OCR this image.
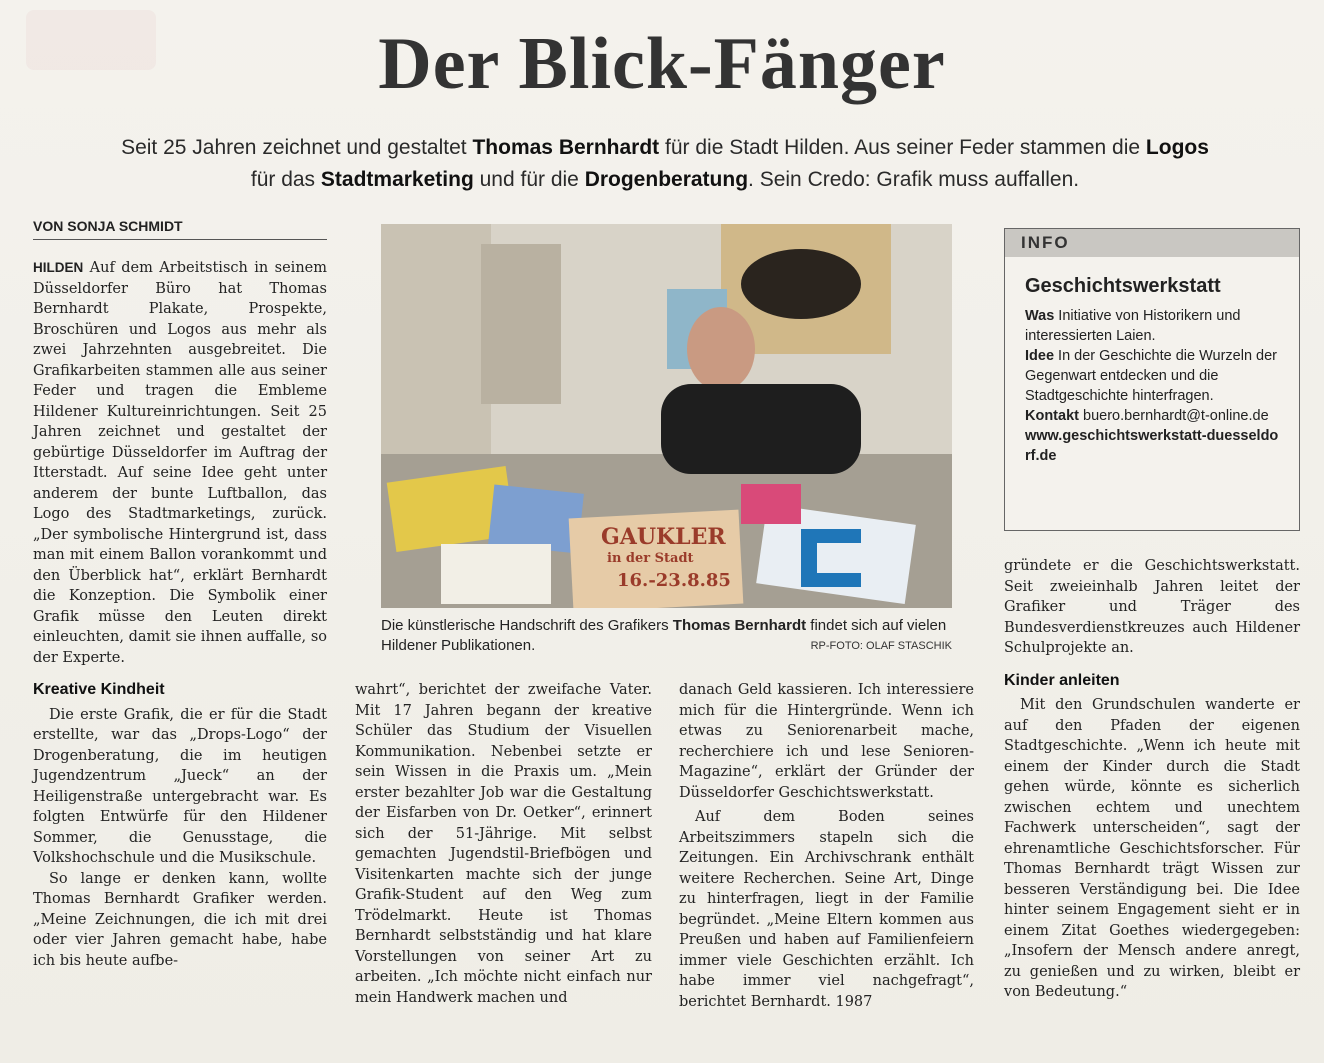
Der Blick-Fänger
Seit 25 Jahren zeichnet und gestaltet Thomas Bernhardt für die Stadt Hilden. Aus seiner Feder stammen die Logos
für das Stadtmarketing und für die Drogenberatung. Sein Credo: Grafik muss auffallen.
VON SONJA SCHMIDT

HILDEN Auf dem Arbeitstisch in seinem Düsseldorfer Büro hat Thomas Bernhardt Plakate, Prospekte, Broschüren und Logos aus mehr als zwei Jahrzehnten ausgebreitet. Die Grafikarbeiten stammen alle aus seiner Feder und tragen die Embleme Hildener Kultureinrichtungen. Seit 25 Jahren zeichnet und gestaltet der gebürtige Düsseldorfer im Auftrag der Itterstadt. Auf seine Idee geht unter anderem der bunte Luftballon, das Logo des Stadtmarketings, zurück. „Der symbolische Hintergrund ist, dass man mit einem Ballon vorankommt und den Überblick hat“, erklärt Bernhardt die Konzeption. Die Symbolik einer Grafik müsse den Leuten direkt einleuchten, damit sie ihnen auffalle, so der Experte.

Kreative Kindheit

Die erste Grafik, die er für die Stadt erstellte, war das „Drops-Logo“ der Drogenberatung, die im heutigen Jugendzentrum „Jueck“ an der Heiligenstraße untergebracht war. Es folgten Entwürfe für den Hildener Sommer, die Genusstage, die Volkshochschule und die Musikschule.

So lange er denken kann, wollte Thomas Bernhardt Grafiker werden. „Meine Zeichnungen, die ich mit drei oder vier Jahren gemacht habe, habe ich bis heute aufbe-

GAUKLER
in der Stadt
16.-23.8.85
Die künstlerische Handschrift des Grafikers Thomas Bernhardt findet sich auf vielen Hildener Publikationen.	RP-FOTO: OLAF STASCHIK

wahrt“, berichtet der zweifache Vater. Mit 17 Jahren begann der kreative Schüler das Studium der Visuellen Kommunikation. Nebenbei setzte er sein Wissen in die Praxis um. „Mein erster bezahlter Job war die Gestaltung der Eisfarben von Dr. Oetker“, erinnert sich der 51-Jährige. Mit selbst gemachten Jugendstil-Briefbögen und Visitenkarten machte sich der junge Grafik-Student auf den Weg zum Trödelmarkt. Heute ist Thomas Bernhardt selbstständig und hat klare Vorstellungen von seiner Art zu arbeiten. „Ich möchte nicht einfach nur mein Handwerk machen und

danach Geld kassieren. Ich interessiere mich für die Hintergründe. Wenn ich etwas zu Seniorenarbeit mache, recherchiere ich und lese Senioren-Magazine“, erklärt der Gründer der Düsseldorfer Geschichtswerkstatt.

Auf dem Boden seines Arbeitszimmers stapeln sich die Zeitungen. Ein Archivschrank enthält weitere Recherchen. Seine Art, Dinge zu hinterfragen, liegt in der Familie begründet. „Meine Eltern kommen aus Preußen und haben auf Familienfeiern immer viele Geschichten erzählt. Ich habe immer viel nachgefragt“, berichtet Bernhardt. 1987

INFO
Geschichtswerkstatt
Was Initiative von Historikern und interessierten Laien.
Idee In der Geschichte die Wurzeln der Gegenwart entdecken und die Stadtgeschichte hinterfragen.
Kontakt buero.bernhardt@t-online.de
www.geschichtswerkstatt-duesseldorf.de

gründete er die Geschichtswerkstatt. Seit zweieinhalb Jahren leitet der Grafiker und Träger des Bundesverdienstkreuzes auch Hildener Schulprojekte an.

Kinder anleiten

Mit den Grundschulen wanderte er auf den Pfaden der eigenen Stadtgeschichte. „Wenn ich heute mit einem der Kinder durch die Stadt gehen würde, könnte es sicherlich zwischen echtem und unechtem Fachwerk unterscheiden“, sagt der ehrenamtliche Geschichtsforscher. Für Thomas Bernhardt trägt Wissen zur besseren Verständigung bei. Die Idee hinter seinem Engagement sieht er in einem Zitat Goethes wiedergegeben: „Insofern der Mensch andere anregt, zu genießen und zu wirken, bleibt er von Bedeutung.“
